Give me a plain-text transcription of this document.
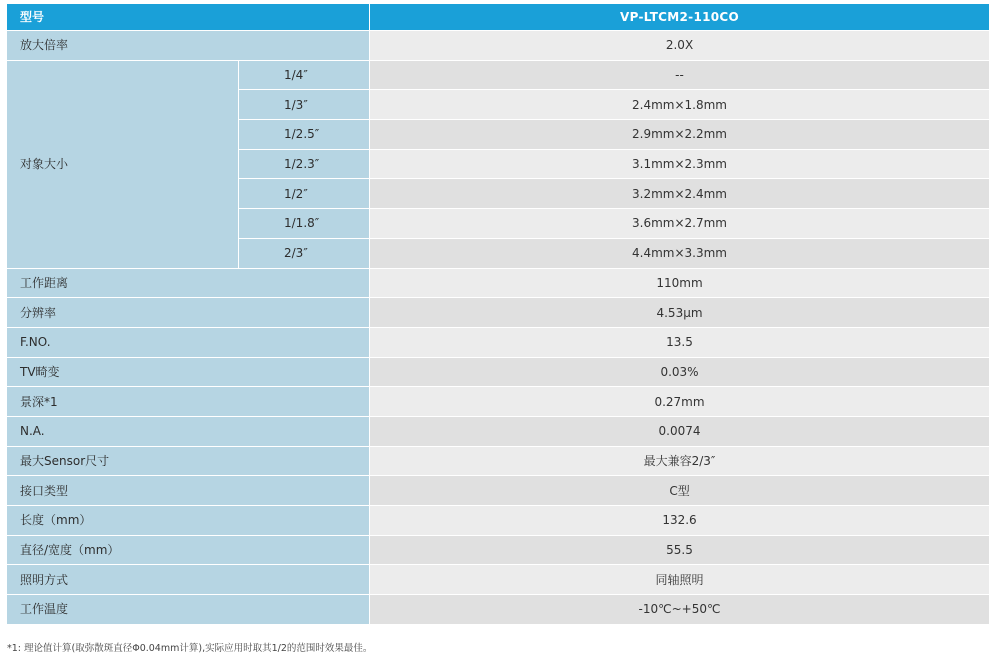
型号		VP-LTCM2-110CO
放大倍率		2.0X
对象大小	1/4″	--
	1/3″	2.4mm×1.8mm
	1/2.5″	2.9mm×2.2mm
	1/2.3″	3.1mm×2.3mm
	1/2″	3.2mm×2.4mm
	1/1.8″	3.6mm×2.7mm
	2/3″	4.4mm×3.3mm
工作距离		110mm
分辨率		4.53μm
F.NO.		13.5
TV畸变		0.03%
景深*1		0.27mm
N.A.		0.0074
最大Sensor尺寸		最大兼容2/3″
接口类型		C型
长度（mm）		132.6
直径/宽度（mm）		55.5
照明方式		同轴照明
工作温度		-10℃~+50℃
*1: 理论值计算(取弥散斑直径Φ0.04mm计算),实际应用时取其1/2的范围时效果最佳。
